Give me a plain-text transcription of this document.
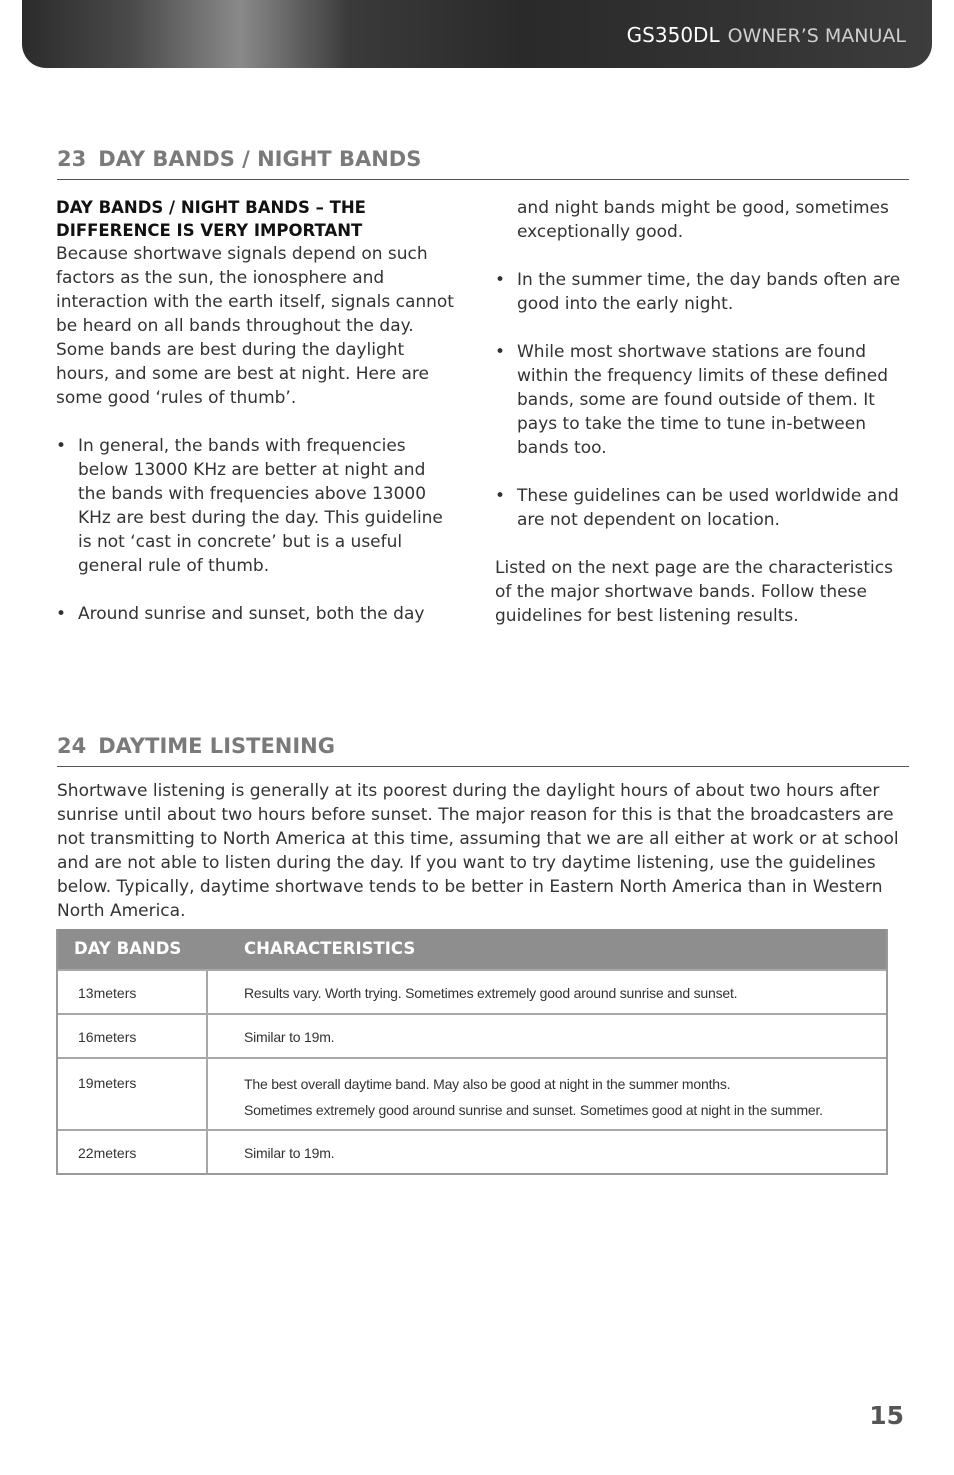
GS350DL OWNER’S MANUAL
23 DAY BANDS / NIGHT BANDS

DAY BANDS / NIGHT BANDS – THE
DIFFERENCE IS VERY IMPORTANT

Because shortwave signals depend on such factors as the sun, the ionosphere and interaction with the earth itself, signals cannot be heard on all bands throughout the day. Some bands are best during the daylight hours, and some are best at night. Here are some good ‘rules of thumb’.

• In general, the bands with frequencies below 13000 KHz are better at night and the bands with frequencies above 13000 KHz are best during the day. This guideline is not ‘cast in concrete’ but is a useful general rule of thumb.
• Around sunrise and sunset, both the day

and night bands might be good, sometimes exceptionally good.

• In the summer time, the day bands often are good into the early night.
• While most shortwave stations are found within the frequency limits of these defined bands, some are found outside of them. It pays to take the time to tune in-between bands too.
• These guidelines can be used worldwide and are not dependent on location.

Listed on the next page are the characteristics of the major shortwave bands. Follow these guidelines for best listening results.

24 DAYTIME LISTENING

Shortwave listening is generally at its poorest during the daylight hours of about two hours after sunrise until about two hours before sunset. The major reason for this is that the broadcasters are not transmitting to North America at this time, assuming that we are all either at work or at school and are not able to listen during the day. If you want to try daytime listening, use the guidelines below. Typically, daytime shortwave tends to be better in Eastern North America than in Western North America.

DAY BANDS	CHARACTERISTICS
13meters	Results vary. Worth trying. Sometimes extremely good around sunrise and sunset.
16meters	Similar to 19m.
19meters	The best overall daytime band. May also be good at night in the summer months.
Sometimes extremely good around sunrise and sunset. Sometimes good at night in the summer.
22meters	Similar to 19m.
15
